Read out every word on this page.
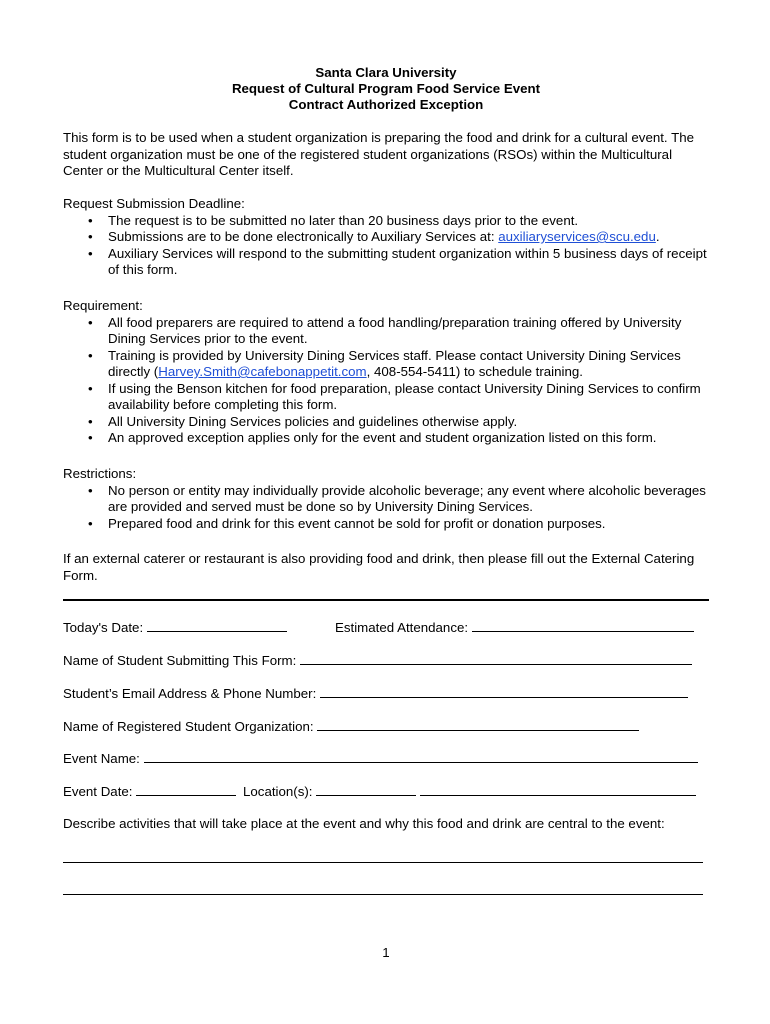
Santa Clara University
Request of Cultural Program Food Service Event
Contract Authorized Exception
This form is to be used when a student organization is preparing the food and drink for a cultural event. The student organization must be one of the registered student organizations (RSOs) within the Multicultural Center or the Multicultural Center itself.
Request Submission Deadline:
• The request is to be submitted no later than 20 business days prior to the event.
• Submissions are to be done electronically to Auxiliary Services at: auxiliaryservices@scu.edu.
• Auxiliary Services will respond to the submitting student organization within 5 business days of receipt of this form.
Requirement:
• All food preparers are required to attend a food handling/preparation training offered by University Dining Services prior to the event.
• Training is provided by University Dining Services staff. Please contact University Dining Services directly (Harvey.Smith@cafebonappetit.com, 408-554-5411) to schedule training.
• If using the Benson kitchen for food preparation, please contact University Dining Services to confirm availability before completing this form.
• All University Dining Services policies and guidelines otherwise apply.
• An approved exception applies only for the event and student organization listed on this form.
Restrictions:
• No person or entity may individually provide alcoholic beverage; any event where alcoholic beverages are provided and served must be done so by University Dining Services.
• Prepared food and drink for this event cannot be sold for profit or donation purposes.
If an external caterer or restaurant is also providing food and drink, then please fill out the External Catering Form.
Today's Date:	Estimated Attendance:
Name of Student Submitting This Form:
Student’s Email Address & Phone Number:
Name of Registered Student Organization:
Event Name:
Event Date:	Location(s):
Describe activities that will take place at the event and why this food and drink are central to the event:
1
